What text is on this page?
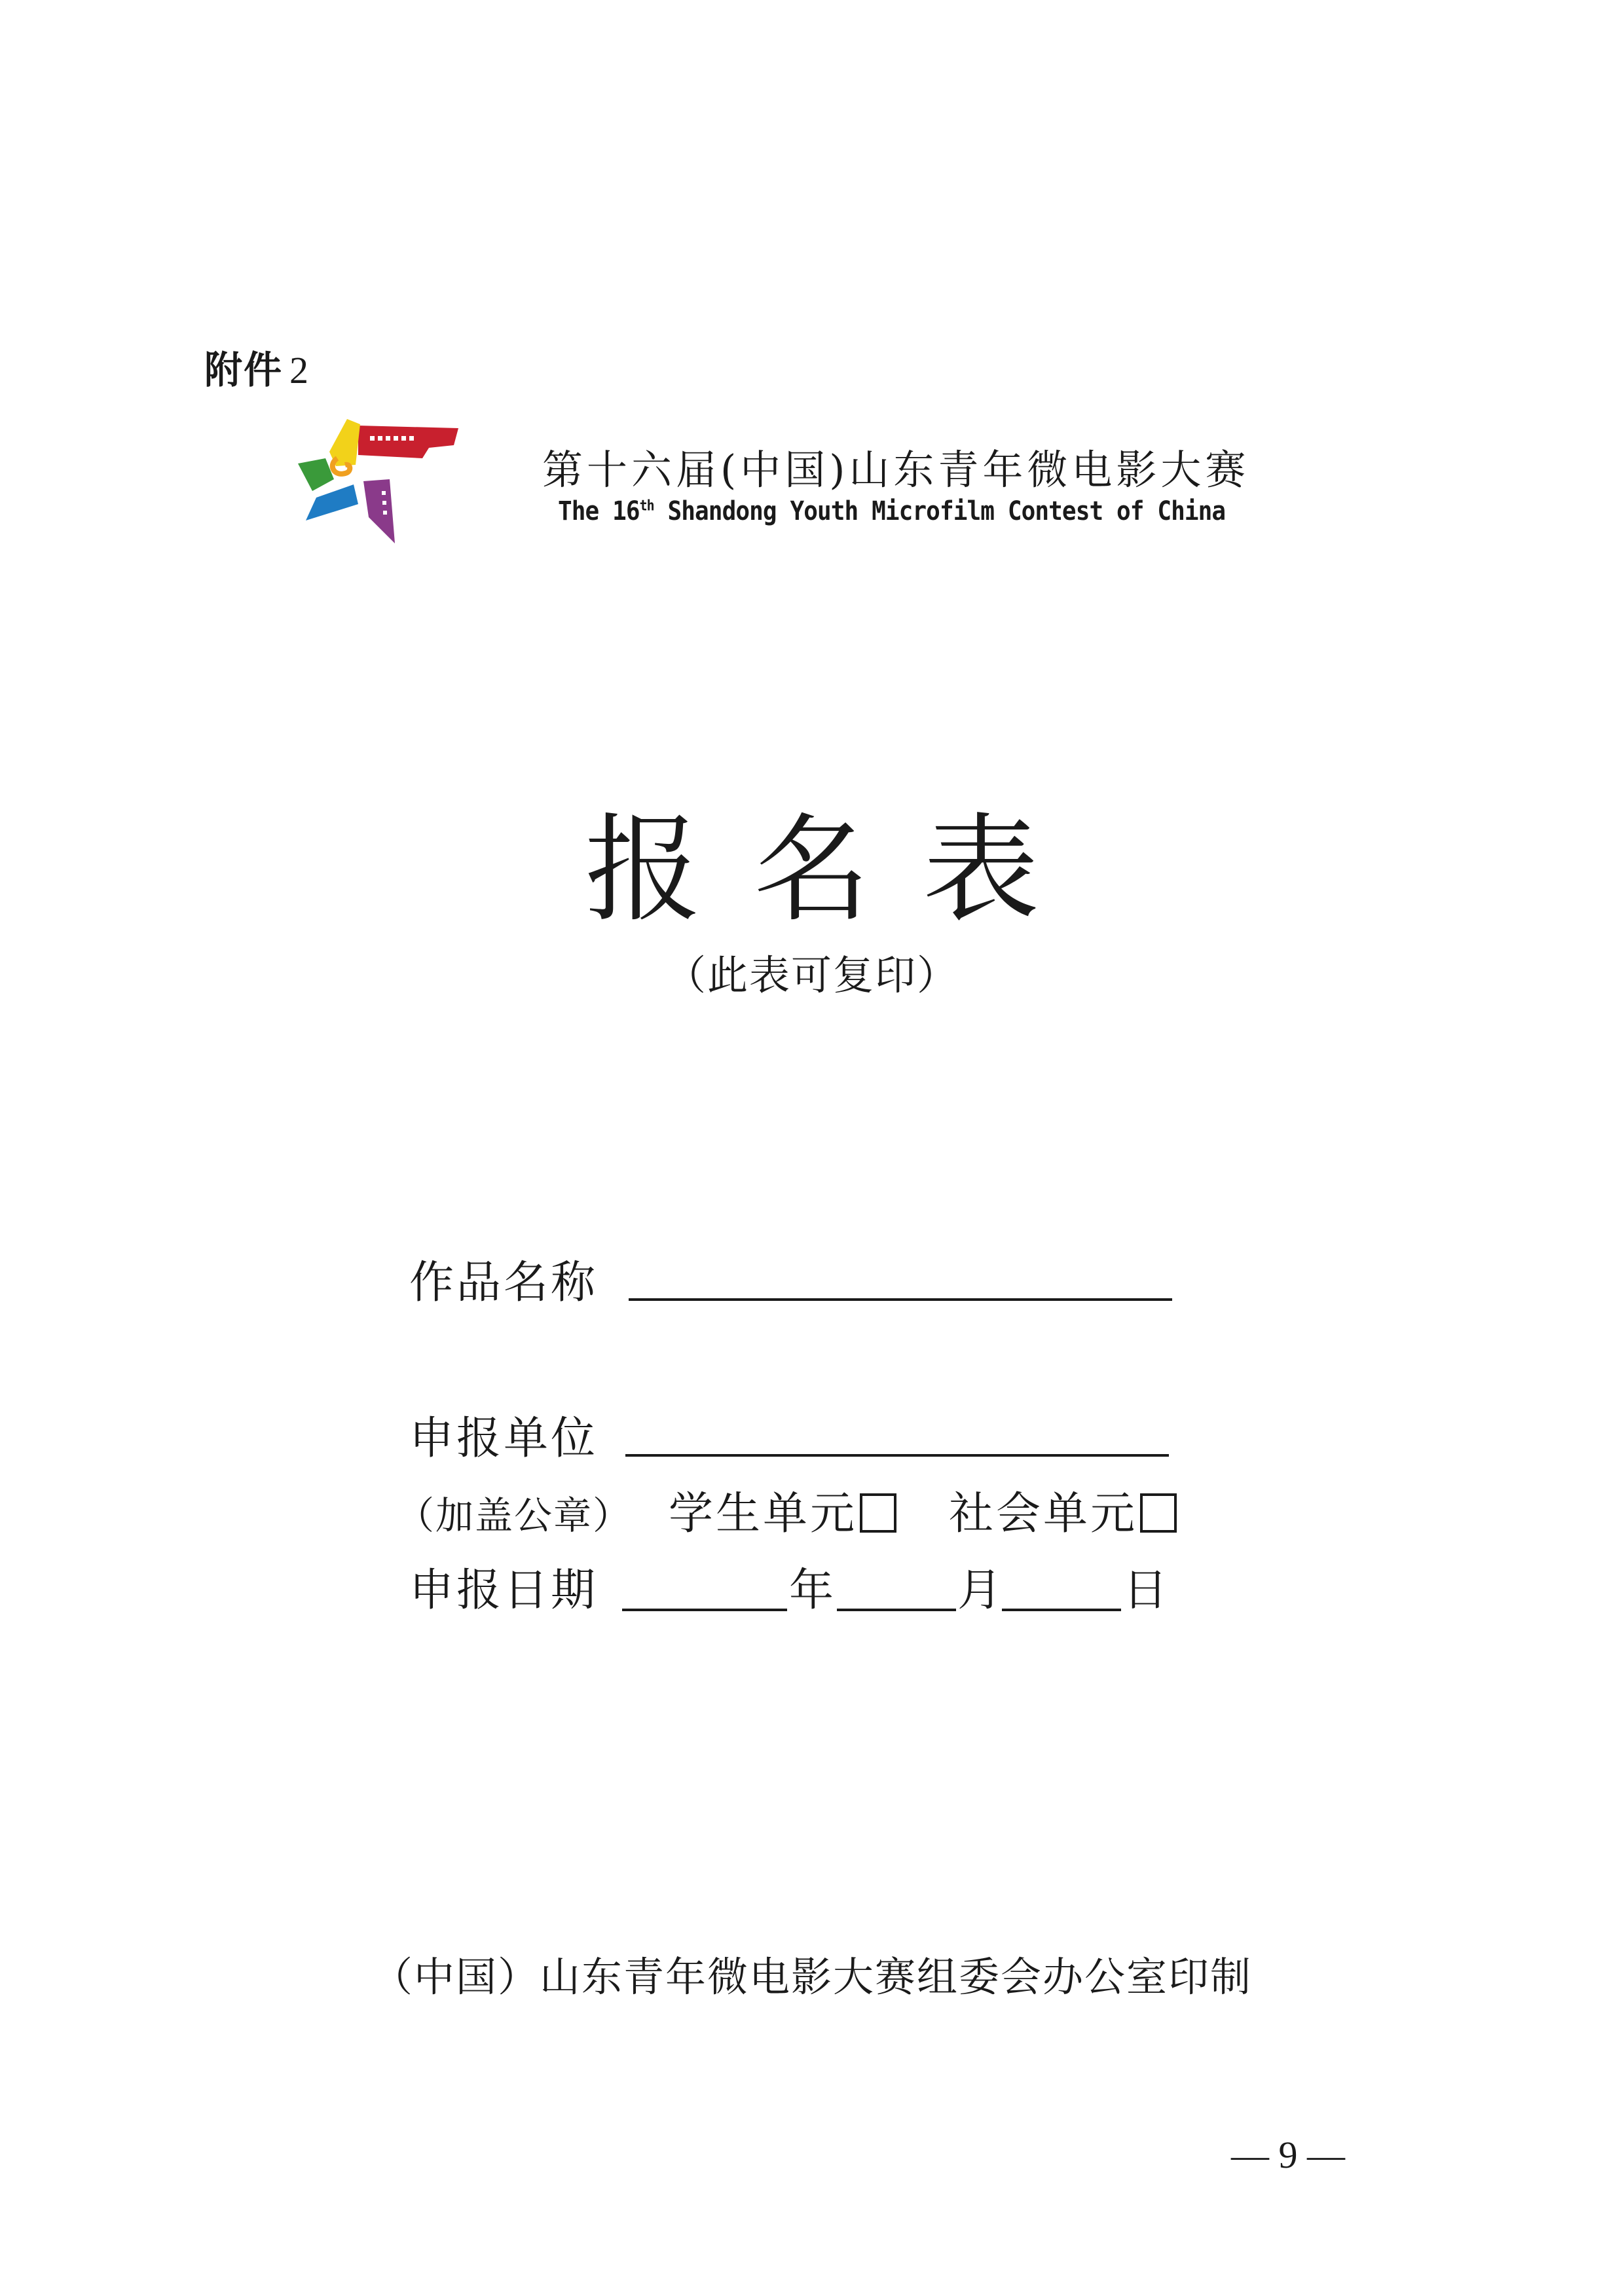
附件 2
第十六届(中国)山东青年微电影大赛
The 16th Shandong Youth Microfilm Contest of China
报名表
（此表可复印）
作品名称
申报单位
（加盖公章） 学生单元 社会单元
申报日期	年	月	日
（中国）山东青年微电影大赛组委会办公室印制
— 9 —
